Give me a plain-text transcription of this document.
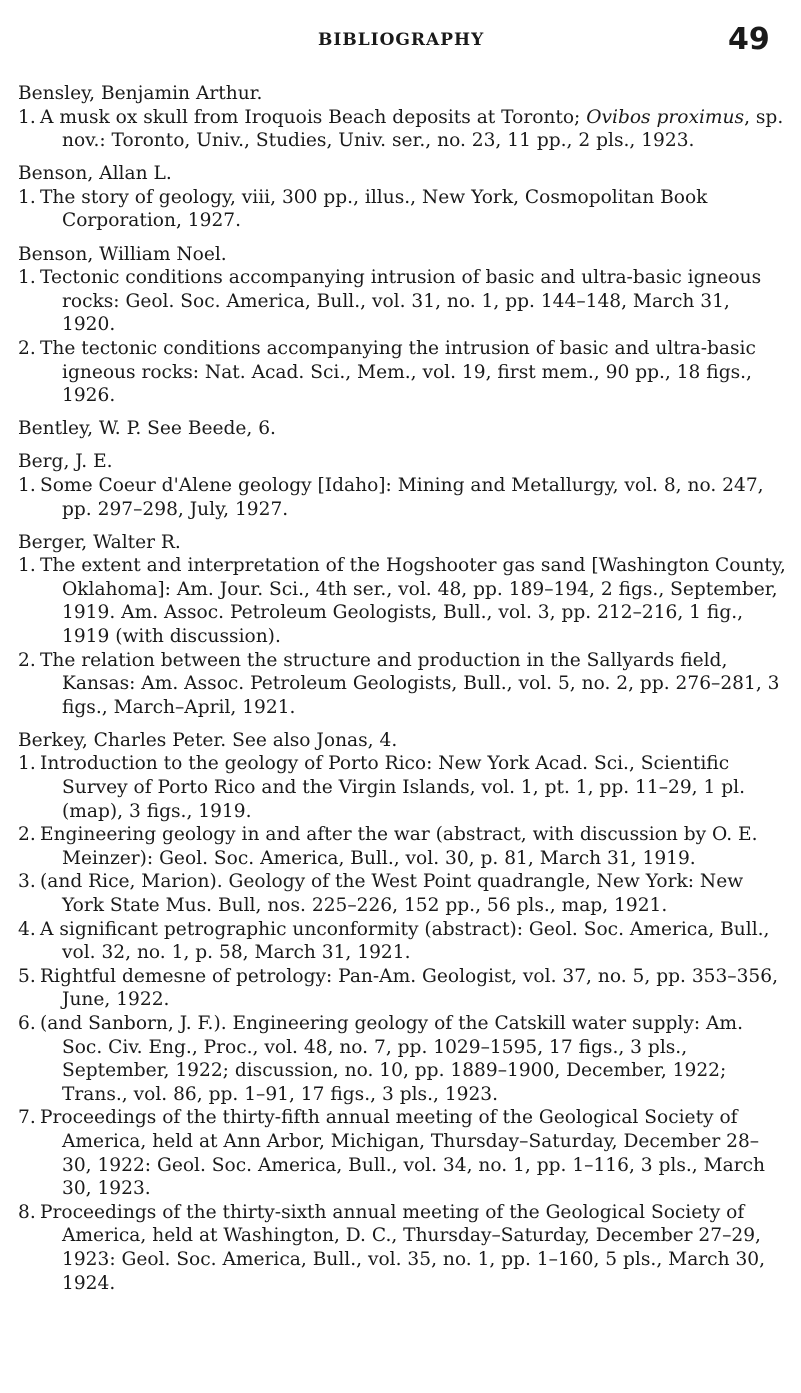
BIBLIOGRAPHY	49
Bensley, Benjamin Arthur.
1. A musk ox skull from Iroquois Beach deposits at Toronto; Ovibos proximus, sp. nov.: Toronto, Univ., Studies, Univ. ser., no. 23, 11 pp., 2 pls., 1923.
Benson, Allan L.
1. The story of geology, viii, 300 pp., illus., New York, Cosmopolitan Book Corporation, 1927.
Benson, William Noel.
1. Tectonic conditions accompanying intrusion of basic and ultra-basic igneous rocks: Geol. Soc. America, Bull., vol. 31, no. 1, pp. 144–148, March 31, 1920.
2. The tectonic conditions accompanying the intrusion of basic and ultra-basic igneous rocks: Nat. Acad. Sci., Mem., vol. 19, first mem., 90 pp., 18 figs., 1926.
Bentley, W. P. See Beede, 6.
Berg, J. E.
1. Some Coeur d'Alene geology [Idaho]: Mining and Metallurgy, vol. 8, no. 247, pp. 297–298, July, 1927.
Berger, Walter R.
1. The extent and interpretation of the Hogshooter gas sand [Washington County, Oklahoma]: Am. Jour. Sci., 4th ser., vol. 48, pp. 189–194, 2 figs., September, 1919. Am. Assoc. Petroleum Geologists, Bull., vol. 3, pp. 212–216, 1 fig., 1919 (with discussion).
2. The relation between the structure and production in the Sallyards field, Kansas: Am. Assoc. Petroleum Geologists, Bull., vol. 5, no. 2, pp. 276–281, 3 figs., March–April, 1921.
Berkey, Charles Peter. See also Jonas, 4.
1. Introduction to the geology of Porto Rico: New York Acad. Sci., Scientific Survey of Porto Rico and the Virgin Islands, vol. 1, pt. 1, pp. 11–29, 1 pl. (map), 3 figs., 1919.
2. Engineering geology in and after the war (abstract, with discussion by O. E. Meinzer): Geol. Soc. America, Bull., vol. 30, p. 81, March 31, 1919.
3. (and Rice, Marion). Geology of the West Point quadrangle, New York: New York State Mus. Bull, nos. 225–226, 152 pp., 56 pls., map, 1921.
4. A significant petrographic unconformity (abstract): Geol. Soc. America, Bull., vol. 32, no. 1, p. 58, March 31, 1921.
5. Rightful demesne of petrology: Pan-Am. Geologist, vol. 37, no. 5, pp. 353–356, June, 1922.
6. (and Sanborn, J. F.). Engineering geology of the Catskill water supply: Am. Soc. Civ. Eng., Proc., vol. 48, no. 7, pp. 1029–1595, 17 figs., 3 pls., September, 1922; discussion, no. 10, pp. 1889–1900, December, 1922; Trans., vol. 86, pp. 1–91, 17 figs., 3 pls., 1923.
7. Proceedings of the thirty-fifth annual meeting of the Geological Society of America, held at Ann Arbor, Michigan, Thursday–Saturday, December 28–30, 1922: Geol. Soc. America, Bull., vol. 34, no. 1, pp. 1–116, 3 pls., March 30, 1923.
8. Proceedings of the thirty-sixth annual meeting of the Geological Society of America, held at Washington, D. C., Thursday–Saturday, December 27–29, 1923: Geol. Soc. America, Bull., vol. 35, no. 1, pp. 1–160, 5 pls., March 30, 1924.
